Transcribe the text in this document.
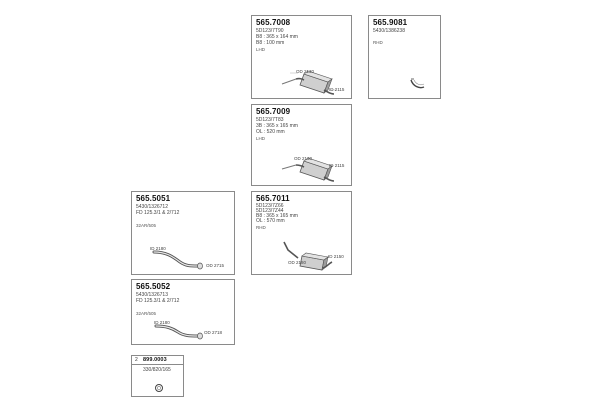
565.7008
5D123/7T90
B8 : 365 x 164 mm
B8 : 100 mm
LHD
OD 2130
ID 2115
565.9081
5430/1386238
RHD
565.7009
5D123/7T83
3B : 365 x 165 mm
OL : 520 mm
LHD
OD 2130
ID 2115
565.5051
5430/1326712
FD 125.3/1 & 2/712
32AR/505
ID 2180
OD 2715
565.7011
5D123/7Z66
5D123/7Z44
B8 : 365 x 165 mm
OL : 570 mm
RHD
OD 2180
ID 2150
565.5052
5430/1326713
FD 125.3/1 & 2/712
32AR/505
ID 2180
OD 2718
2 899.0003
330/820/165
